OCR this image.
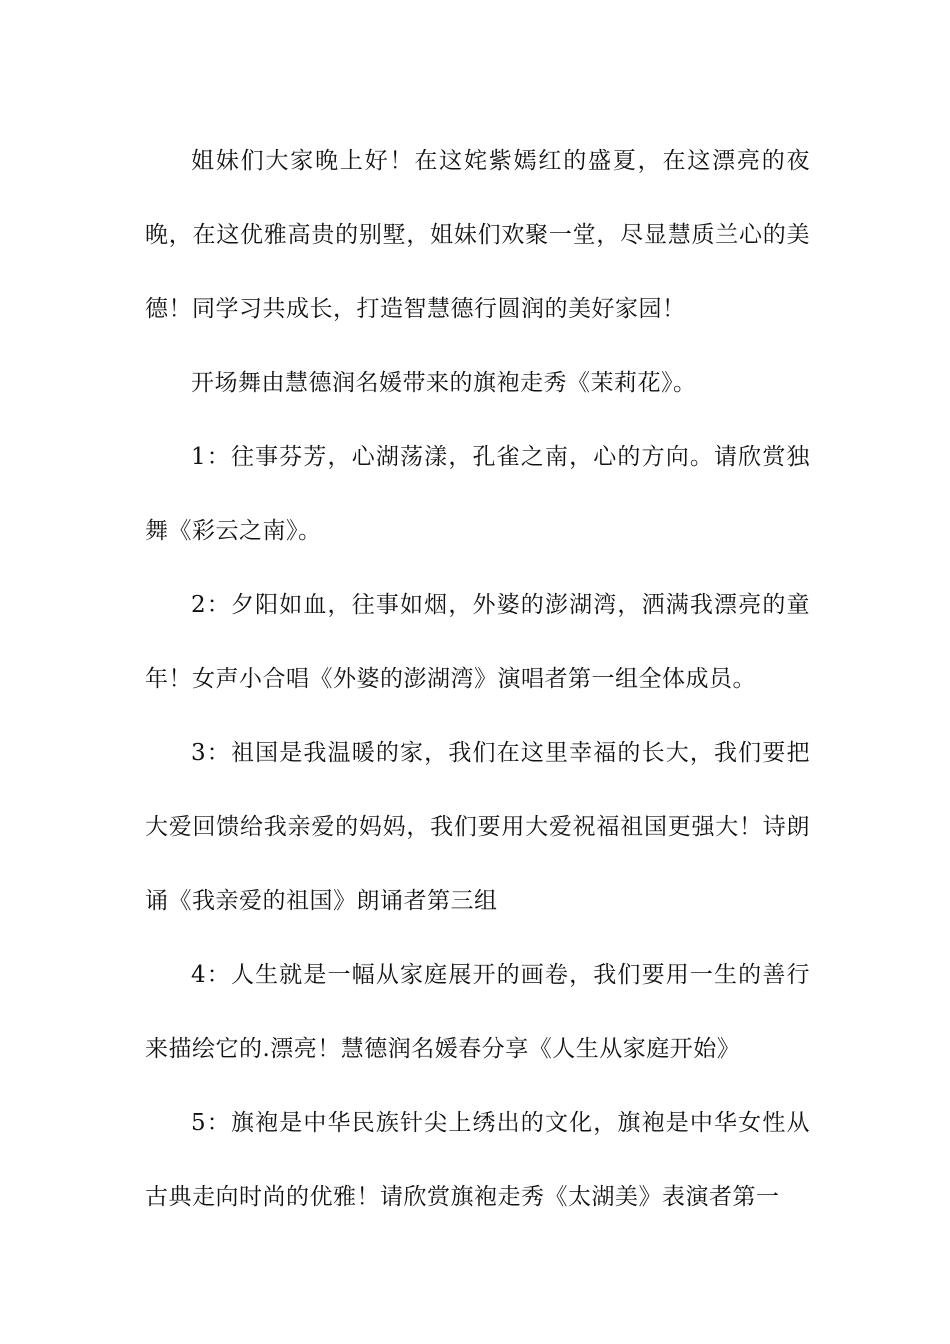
姐妹们大家晚上好！在这姹紫嫣红的盛夏，在这漂亮的夜晚，在这优雅高贵的别墅，姐妹们欢聚一堂，尽显慧质兰心的美德！同学习共成长，打造智慧德行圆润的美好家园！

开场舞由慧德润名媛带来的旗袍走秀《茉莉花》。

1：往事芬芳，心湖荡漾，孔雀之南，心的方向。请欣赏独舞《彩云之南》。

2：夕阳如血，往事如烟，外婆的澎湖湾，洒满我漂亮的童年！女声小合唱《外婆的澎湖湾》演唱者第一组全体成员。

3：祖国是我温暖的家，我们在这里幸福的长大，我们要把大爱回馈给我亲爱的妈妈，我们要用大爱祝福祖国更强大！诗朗诵《我亲爱的祖国》朗诵者第三组

4：人生就是一幅从家庭展开的画卷，我们要用一生的善行来描绘它的.漂亮！慧德润名媛春分享《人生从家庭开始》

5：旗袍是中华民族针尖上绣出的文化，旗袍是中华女性从古典走向时尚的优雅！请欣赏旗袍走秀《太湖美》表演者第一
